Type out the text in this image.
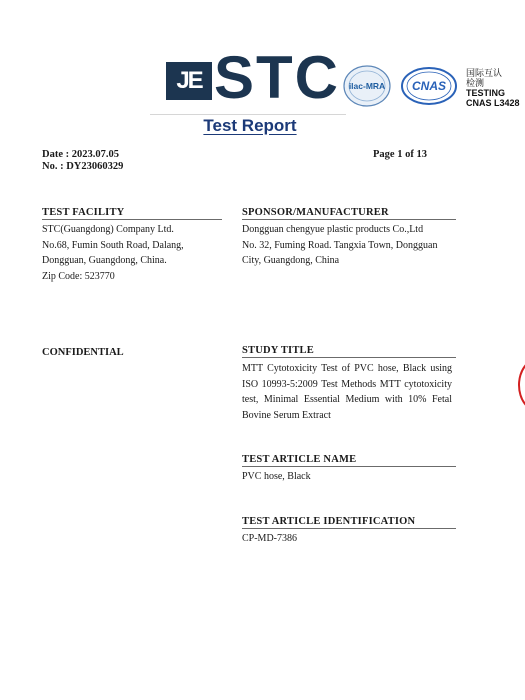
JE STC ilac-MRA CNAS
国际互认
检测
TESTING
CNAS L3428
Test Report
Date : 2023.07.05
No. : DY23060329
Page 1 of 13
TEST FACILITY
STC(Guangdong) Company Ltd.
No.68, Fumin South Road, Dalang,
Dongguan, Guangdong, China.
Zip Code: 523770
SPONSOR/MANUFACTURER
Dongguan chengyue plastic products Co.,Ltd
No. 32, Fuming Road. Tangxia Town, Dongguan
City, Guangdong, China
CONFIDENTIAL	STUDY TITLE
MTT Cytotoxicity Test of PVC hose, Black using ISO 10993-5:2009 Test Methods MTT cytotoxicity test, Minimal Essential Medium with 10% Fetal Bovine Serum Extract
TEST ARTICLE NAME
PVC hose, Black
TEST ARTICLE IDENTIFICATION
CP-MD-7386
